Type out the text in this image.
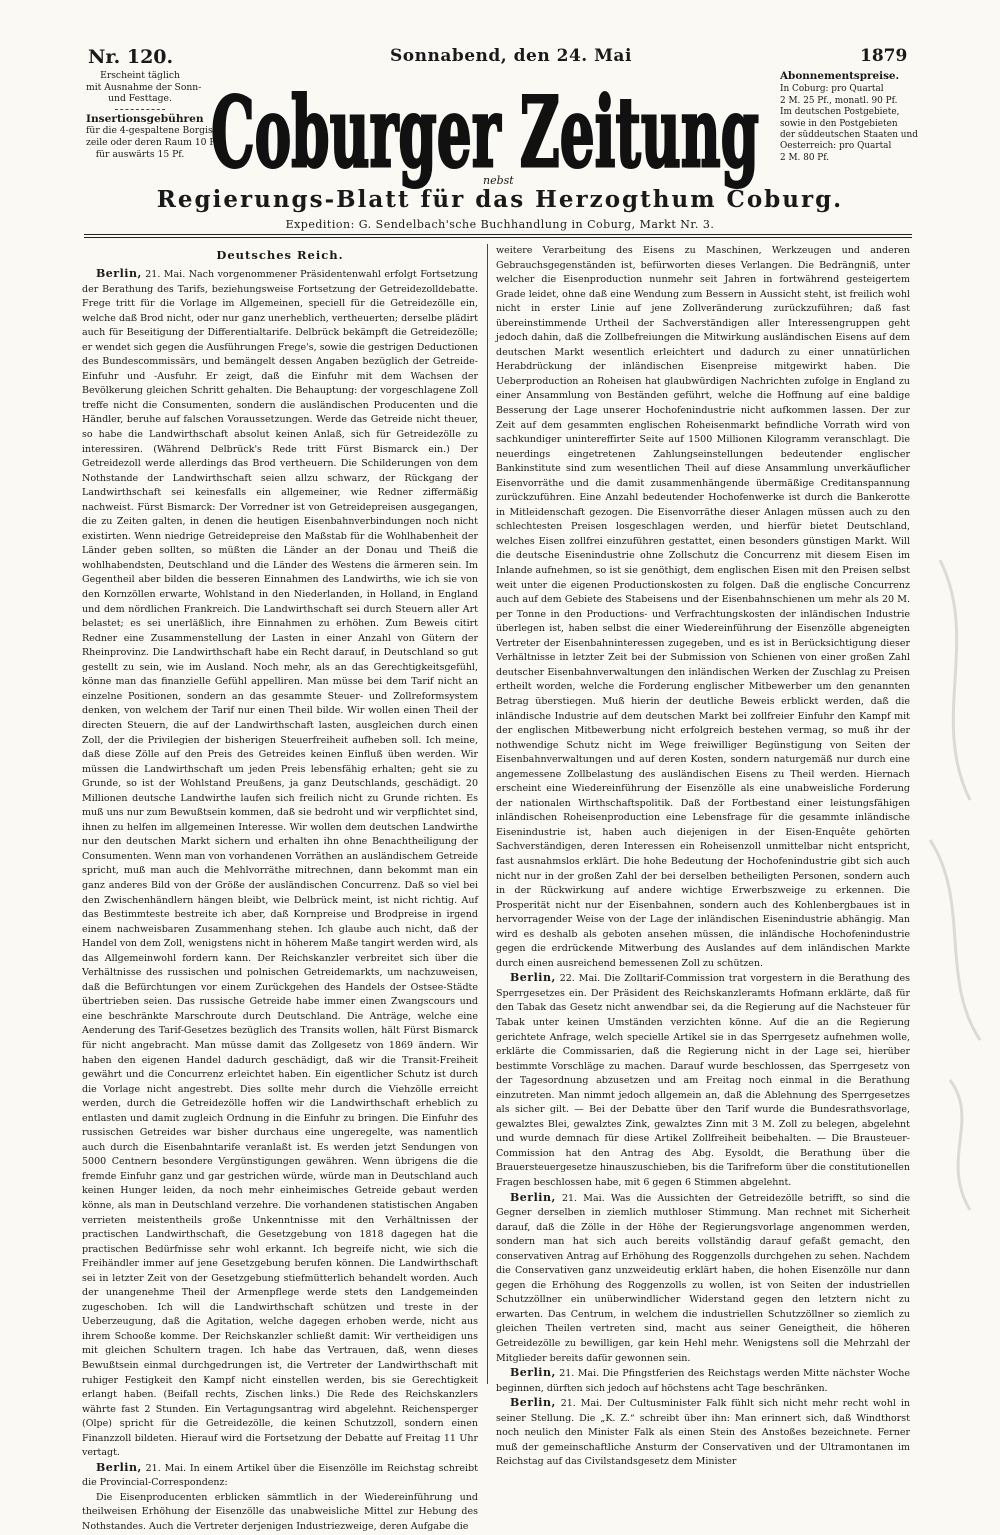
Nr. 120.
Erscheint täglich
mit Ausnahme der Sonn-
und Festtage.
Insertionsgebühren
für die 4-gespaltene Borgis-
zeile oder deren Raum 10 Pf.,
für auswärts 15 Pf.
Sonnabend, den 24. Mai	1879
Coburger Zeitung
nebst
Abonnementspreise.
In Coburg: pro Quartal
2 M. 25 Pf., monatl. 90 Pf.
Im deutschen Postgebiete,
sowie in den Postgebieten
der süddeutschen Staaten und
Oesterreich: pro Quartal
2 M. 80 Pf.
Regierungs-Blatt für das Herzogthum Coburg.
Expedition: G. Sendelbach'sche Buchhandlung in Coburg, Markt Nr. 3.
Deutsches Reich.

Berlin, 21. Mai. Nach vorgenommener Präsidentenwahl erfolgt Fortsetzung der Berathung des Tarifs, beziehungsweise Fortsetzung der Getreidezolldebatte. Frege tritt für die Vorlage im Allgemeinen, speciell für die Getreidezölle ein, welche daß Brod nicht, oder nur ganz unerheblich, vertheuerten; derselbe plädirt auch für Beseitigung der Differentialtarife. Delbrück bekämpft die Getreidezölle; er wendet sich gegen die Ausführungen Frege's, sowie die gestrigen Deductionen des Bundescommissärs, und bemängelt dessen Angaben bezüglich der Getreide-Einfuhr und -Ausfuhr. Er zeigt, daß die Einfuhr mit dem Wachsen der Bevölkerung gleichen Schritt gehalten. Die Behauptung: der vorgeschlagene Zoll treffe nicht die Consumenten, sondern die ausländischen Producenten und die Händler, beruhe auf falschen Voraussetzungen. Werde das Getreide nicht theuer, so habe die Landwirthschaft absolut keinen Anlaß, sich für Getreidezölle zu interessiren. (Während Delbrück's Rede tritt Fürst Bismarck ein.) Der Getreidezoll werde allerdings das Brod vertheuern. Die Schilderungen von dem Nothstande der Landwirthschaft seien allzu schwarz, der Rückgang der Landwirthschaft sei keinesfalls ein allgemeiner, wie Redner ziffermäßig nachweist. Fürst Bismarck: Der Vorredner ist von Getreidepreisen ausgegangen, die zu Zeiten galten, in denen die heutigen Eisenbahnverbindungen noch nicht existirten. Wenn niedrige Getreidepreise den Maßstab für die Wohlhabenheit der Länder geben sollten, so müßten die Länder an der Donau und Theiß die wohlhabendsten, Deutschland und die Länder des Westens die ärmeren sein. Im Gegentheil aber bilden die besseren Einnahmen des Landwirths, wie ich sie von den Kornzöllen erwarte, Wohlstand in den Niederlanden, in Holland, in England und dem nördlichen Frankreich. Die Landwirthschaft sei durch Steuern aller Art belastet; es sei unerläßlich, ihre Einnahmen zu erhöhen. Zum Beweis citirt Redner eine Zusammenstellung der Lasten in einer Anzahl von Gütern der Rheinprovinz. Die Landwirthschaft habe ein Recht darauf, in Deutschland so gut gestellt zu sein, wie im Ausland. Noch mehr, als an das Gerechtigkeitsgefühl, könne man das finanzielle Gefühl appelliren. Man müsse bei dem Tarif nicht an einzelne Positionen, sondern an das gesammte Steuer- und Zollreformsystem denken, von welchem der Tarif nur einen Theil bilde. Wir wollen einen Theil der directen Steuern, die auf der Landwirthschaft lasten, ausgleichen durch einen Zoll, der die Privilegien der bisherigen Steuerfreiheit aufheben soll. Ich meine, daß diese Zölle auf den Preis des Getreides keinen Einfluß üben werden. Wir müssen die Landwirthschaft um jeden Preis lebensfähig erhalten; geht sie zu Grunde, so ist der Wohlstand Preußens, ja ganz Deutschlands, geschädigt. 20 Millionen deutsche Landwirthe laufen sich freilich nicht zu Grunde richten. Es muß uns nur zum Bewußtsein kommen, daß sie bedroht und wir verpflichtet sind, ihnen zu helfen im allgemeinen Interesse. Wir wollen dem deutschen Landwirthe nur den deutschen Markt sichern und erhalten ihn ohne Benachtheiligung der Consumenten. Wenn man von vorhandenen Vorräthen an ausländischem Getreide spricht, muß man auch die Mehlvorräthe mitrechnen, dann bekommt man ein ganz anderes Bild von der Größe der ausländischen Concurrenz. Daß so viel bei den Zwischenhändlern hängen bleibt, wie Delbrück meint, ist nicht richtig. Auf das Bestimmteste bestreite ich aber, daß Kornpreise und Brodpreise in irgend einem nachweisbaren Zusammenhang stehen. Ich glaube auch nicht, daß der Handel von dem Zoll, wenigstens nicht in höherem Maße tangirt werden wird, als das Allgemeinwohl fordern kann. Der Reichskanzler verbreitet sich über die Verhältnisse des russischen und polnischen Getreidemarkts, um nachzuweisen, daß die Befürchtungen vor einem Zurückgehen des Handels der Ostsee-Städte übertrieben seien. Das russische Getreide habe immer einen Zwangscours und eine beschränkte Marschroute durch Deutschland. Die Anträge, welche eine Aenderung des Tarif-Gesetzes bezüglich des Transits wollen, hält Fürst Bismarck für nicht angebracht. Man müsse damit das Zollgesetz von 1869 ändern. Wir haben den eigenen Handel dadurch geschädigt, daß wir die Transit-Freiheit gewährt und die Concurrenz erleichtet haben. Ein eigentlicher Schutz ist durch die Vorlage nicht angestrebt. Dies sollte mehr durch die Viehzölle erreicht werden, durch die Getreidezölle hoffen wir die Landwirthschaft erheblich zu entlasten und damit zugleich Ordnung in die Einfuhr zu bringen. Die Einfuhr des russischen Getreides war bisher durchaus eine ungeregelte, was namentlich auch durch die Eisenbahntarife veranlaßt ist. Es werden jetzt Sendungen von 5000 Centnern besondere Vergünstigungen gewähren. Wenn übrigens die die fremde Einfuhr ganz und gar gestrichen würde, würde man in Deutschland auch keinen Hunger leiden, da noch mehr einheimisches Getreide gebaut werden könne, als man in Deutschland verzehre. Die vorhandenen statistischen Angaben verrieten meistentheils große Unkenntnisse mit den Verhältnissen der practischen Landwirthschaft, die Gesetzgebung von 1818 dagegen hat die practischen Bedürfnisse sehr wohl erkannt. Ich begreife nicht, wie sich die Freihändler immer auf jene Gesetzgebung berufen können. Die Landwirthschaft sei in letzter Zeit von der Gesetzgebung stiefmütterlich behandelt worden. Auch der unangenehme Theil der Armenpflege werde stets den Landgemeinden zugeschoben. Ich will die Landwirthschaft schützen und treste in der Ueberzeugung, daß die Agitation, welche dagegen erhoben werde, nicht aus ihrem Schooße komme. Der Reichskanzler schließt damit: Wir vertheidigen uns mit gleichen Schultern tragen. Ich habe das Vertrauen, daß, wenn dieses Bewußtsein einmal durchgedrungen ist, die Vertreter der Landwirthschaft mit ruhiger Festigkeit den Kampf nicht einstellen werden, bis sie Gerechtigkeit erlangt haben. (Beifall rechts, Zischen links.) Die Rede des Reichskanzlers währte fast 2 Stunden. Ein Vertagungsantrag wird abgelehnt. Reichensperger (Olpe) spricht für die Getreidezölle, die keinen Schutzzoll, sondern einen Finanzzoll bildeten. Hierauf wird die Fortsetzung der Debatte auf Freitag 11 Uhr vertagt.

Berlin, 21. Mai. In einem Artikel über die Eisenzölle im Reichstag schreibt die Provincial-Correspondenz:

Die Eisenproducenten erblicken sämmtlich in der Wiedereinführung und theilweisen Erhöhung der Eisenzölle das unabweisliche Mittel zur Hebung des Nothstandes. Auch die Vertreter derjenigen Industriezweige, deren Aufgabe die

weitere Verarbeitung des Eisens zu Maschinen, Werkzeugen und anderen Gebrauchsgegenständen ist, befürworten dieses Verlangen. Die Bedrängniß, unter welcher die Eisenproduction nunmehr seit Jahren in fortwährend gesteigertem Grade leidet, ohne daß eine Wendung zum Bessern in Aussicht steht, ist freilich wohl nicht in erster Linie auf jene Zollveränderung zurückzuführen; daß fast übereinstimmende Urtheil der Sachverständigen aller Interessengruppen geht jedoch dahin, daß die Zollbefreiungen die Mitwirkung ausländischen Eisens auf dem deutschen Markt wesentlich erleichtert und dadurch zu einer unnatürlichen Herabdrückung der inländischen Eisenpreise mitgewirkt haben. Die Ueberproduction an Roheisen hat glaubwürdigen Nachrichten zufolge in England zu einer Ansammlung von Beständen geführt, welche die Hoffnung auf eine baldige Besserung der Lage unserer Hochofenindustrie nicht aufkommen lassen. Der zur Zeit auf dem gesammten englischen Roheisenmarkt befindliche Vorrath wird von sachkundiger unintereffirter Seite auf 1500 Millionen Kilogramm veranschlagt. Die neuerdings eingetretenen Zahlungseinstellungen bedeutender englischer Bankinstitute sind zum wesentlichen Theil auf diese Ansammlung unverkäuflicher Eisenvorräthe und die damit zusammenhängende übermäßige Creditanspannung zurückzuführen. Eine Anzahl bedeutender Hochofenwerke ist durch die Bankerotte in Mitleidenschaft gezogen. Die Eisenvorräthe dieser Anlagen müssen auch zu den schlechtesten Preisen losgeschlagen werden, und hierfür bietet Deutschland, welches Eisen zollfrei einzuführen gestattet, einen besonders günstigen Markt. Will die deutsche Eisenindustrie ohne Zollschutz die Concurrenz mit diesem Eisen im Inlande aufnehmen, so ist sie genöthigt, dem englischen Eisen mit den Preisen selbst weit unter die eigenen Productionskosten zu folgen. Daß die englische Concurrenz auch auf dem Gebiete des Stabeisens und der Eisenbahnschienen um mehr als 20 M. per Tonne in den Productions- und Verfrachtungskosten der inländischen Industrie überlegen ist, haben selbst die einer Wiedereinführung der Eisenzölle abgeneigten Vertreter der Eisenbahninteressen zugegeben, und es ist in Berücksichtigung dieser Verhältnisse in letzter Zeit bei der Submission von Schienen von einer großen Zahl deutscher Eisenbahnverwaltungen den inländischen Werken der Zuschlag zu Preisen ertheilt worden, welche die Forderung englischer Mitbewerber um den genannten Betrag überstiegen. Muß hierin der deutliche Beweis erblickt werden, daß die inländische Industrie auf dem deutschen Markt bei zollfreier Einfuhr den Kampf mit der englischen Mitbewerbung nicht erfolgreich bestehen vermag, so muß ihr der nothwendige Schutz nicht im Wege freiwilliger Begünstigung von Seiten der Eisenbahnverwaltungen und auf deren Kosten, sondern naturgemäß nur durch eine angemessene Zollbelastung des ausländischen Eisens zu Theil werden. Hiernach erscheint eine Wiedereinführung der Eisenzölle als eine unabweisliche Forderung der nationalen Wirthschaftspolitik. Daß der Fortbestand einer leistungsfähigen inländischen Roheisenproduction eine Lebensfrage für die gesammte inländische Eisenindustrie ist, haben auch diejenigen in der Eisen-Enquête gehörten Sachverständigen, deren Interessen ein Roheisenzoll unmittelbar nicht entspricht, fast ausnahmslos erklärt. Die hohe Bedeutung der Hochofenindustrie gibt sich auch nicht nur in der großen Zahl der bei derselben betheiligten Personen, sondern auch in der Rückwirkung auf andere wichtige Erwerbszweige zu erkennen. Die Prosperität nicht nur der Eisenbahnen, sondern auch des Kohlenbergbaues ist in hervorragender Weise von der Lage der inländischen Eisenindustrie abhängig. Man wird es deshalb als geboten ansehen müssen, die inländische Hochofenindustrie gegen die erdrückende Mitwerbung des Auslandes auf dem inländischen Markte durch einen ausreichend bemessenen Zoll zu schützen.

Berlin, 22. Mai. Die Zolltarif-Commission trat vorgestern in die Berathung des Sperrgesetzes ein. Der Präsident des Reichskanzleramts Hofmann erklärte, daß für den Tabak das Gesetz nicht anwendbar sei, da die Regierung auf die Nachsteuer für Tabak unter keinen Umständen verzichten könne. Auf die an die Regierung gerichtete Anfrage, welch specielle Artikel sie in das Sperrgesetz aufnehmen wolle, erklärte die Commissarien, daß die Regierung nicht in der Lage sei, hierüber bestimmte Vorschläge zu machen. Darauf wurde beschlossen, das Sperrgesetz von der Tagesordnung abzusetzen und am Freitag noch einmal in die Berathung einzutreten. Man nimmt jedoch allgemein an, daß die Ablehnung des Sperrgesetzes als sicher gilt. — Bei der Debatte über den Tarif wurde die Bundesrathsvorlage, gewalztes Blei, gewalztes Zink, gewalztes Zinn mit 3 M. Zoll zu belegen, abgelehnt und wurde demnach für diese Artikel Zollfreiheit beibehalten. — Die Brausteuer-Commission hat den Antrag des Abg. Eysoldt, die Berathung über die Brauersteuergesetze hinauszuschieben, bis die Tarifreform über die constitutionellen Fragen beschlossen habe, mit 6 gegen 6 Stimmen abgelehnt.

Berlin, 21. Mai. Was die Aussichten der Getreidezölle betrifft, so sind die Gegner derselben in ziemlich muthloser Stimmung. Man rechnet mit Sicherheit darauf, daß die Zölle in der Höhe der Regierungsvorlage angenommen werden, sondern man hat sich auch bereits vollständig darauf gefaßt gemacht, den conservativen Antrag auf Erhöhung des Roggenzolls durchgehen zu sehen. Nachdem die Conservativen ganz unzweideutig erklärt haben, die hohen Eisenzölle nur dann gegen die Erhöhung des Roggenzolls zu wollen, ist von Seiten der industriellen Schutzzöllner ein unüberwindlicher Widerstand gegen den letztern nicht zu erwarten. Das Centrum, in welchem die industriellen Schutzzöllner so ziemlich zu gleichen Theilen vertreten sind, macht aus seiner Geneigtheit, die höheren Getreidezölle zu bewilligen, gar kein Hehl mehr. Wenigstens soll die Mehrzahl der Mitglieder bereits dafür gewonnen sein.

Berlin, 21. Mai. Die Pfingstferien des Reichstags werden Mitte nächster Woche beginnen, dürften sich jedoch auf höchstens acht Tage beschränken.

Berlin, 21. Mai. Der Cultusminister Falk fühlt sich nicht mehr recht wohl in seiner Stellung. Die „K. Z.“ schreibt über ihn: Man erinnert sich, daß Windthorst noch neulich den Minister Falk als einen Stein des Anstoßes bezeichnete. Ferner muß der gemeinschaftliche Ansturm der Conservativen und der Ultramontanen im Reichstag auf das Civilstandsgesetz dem Minister
